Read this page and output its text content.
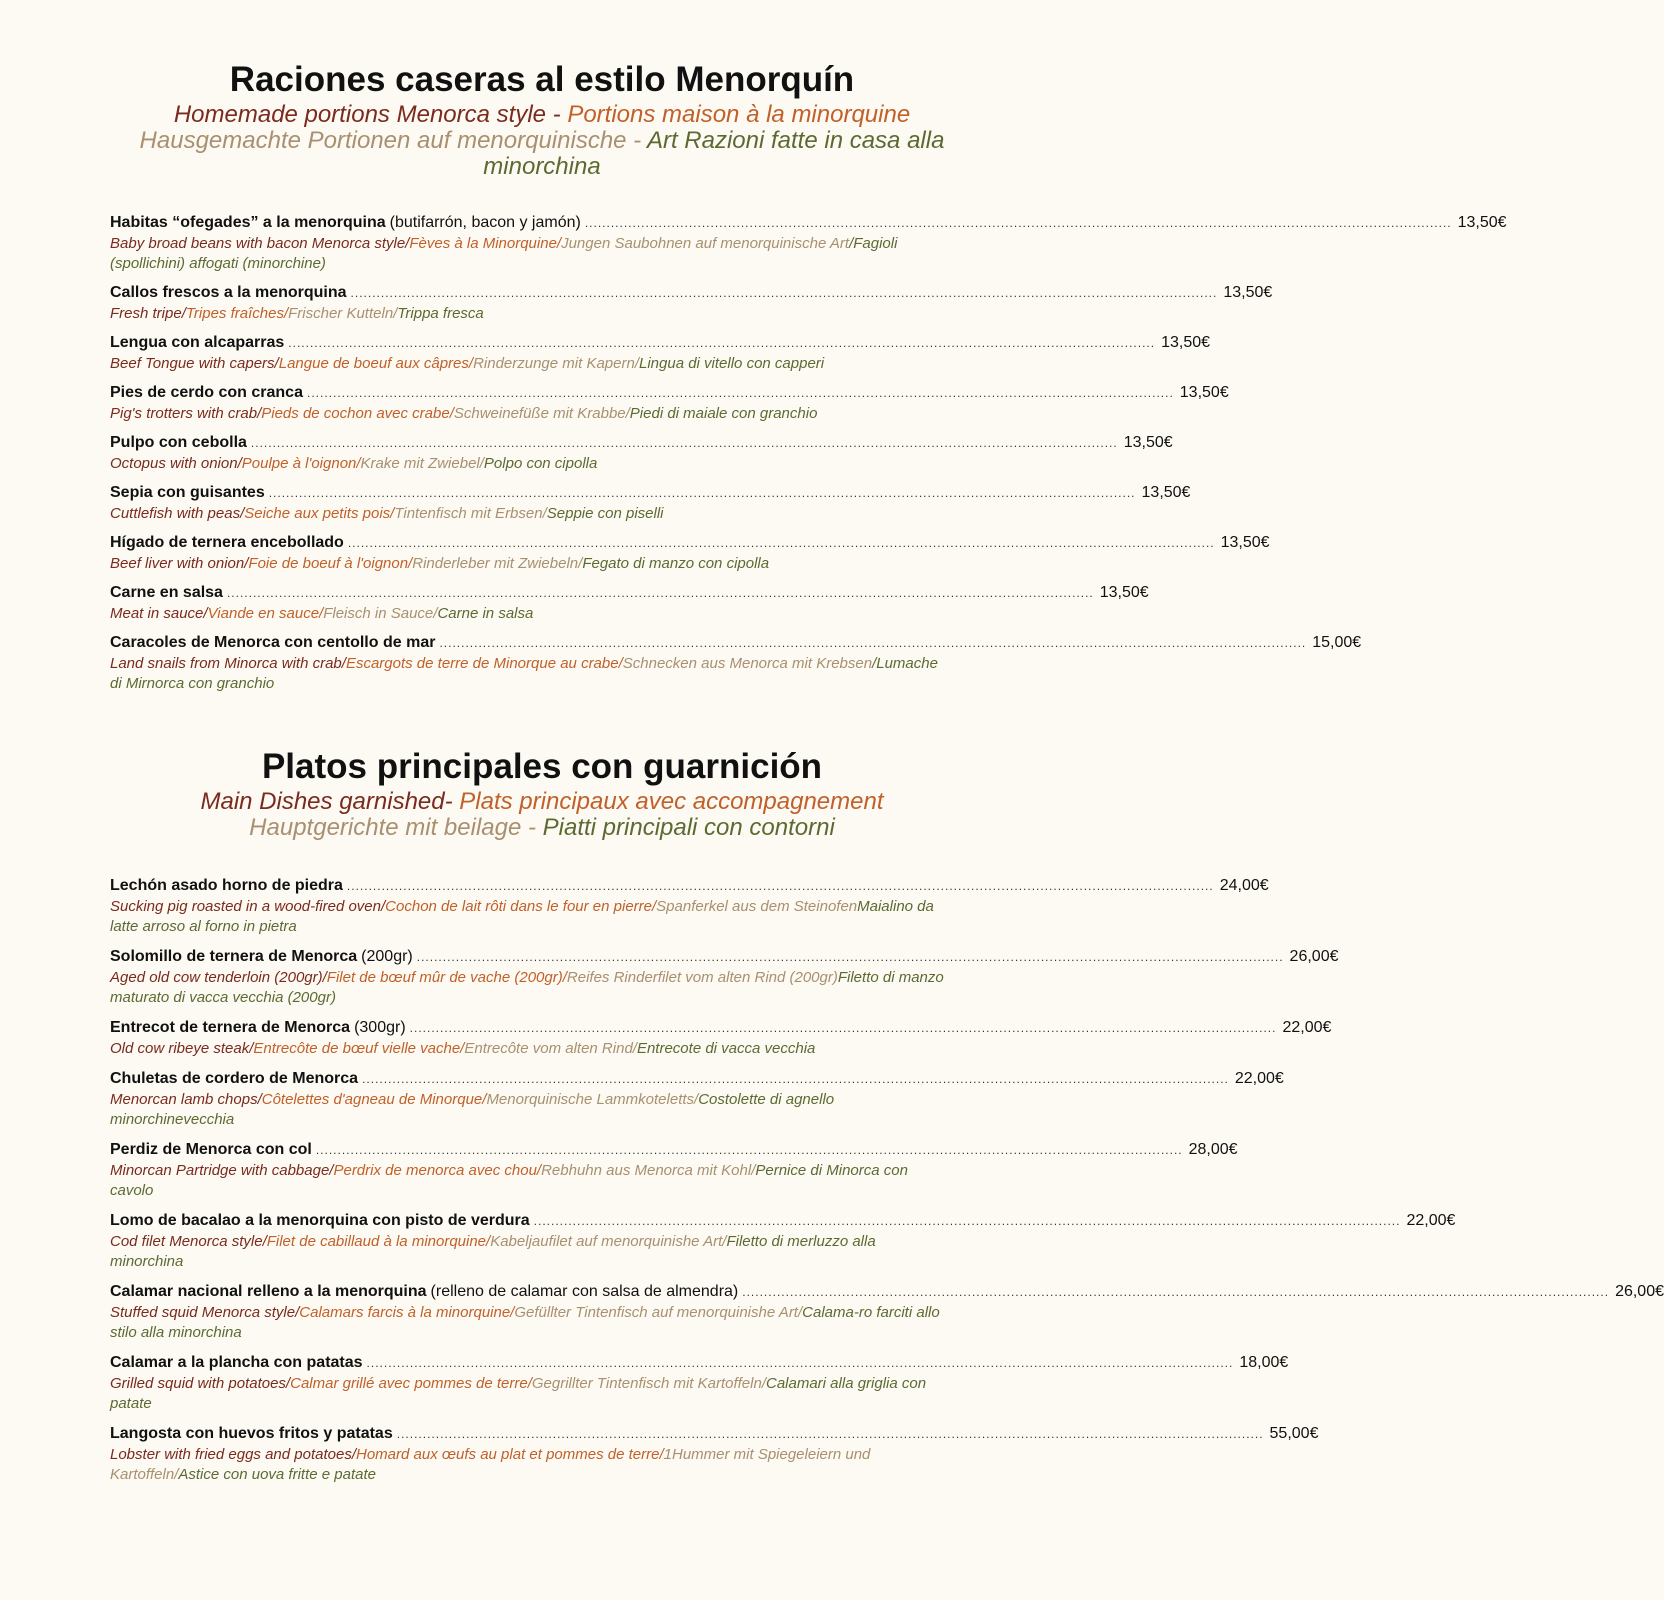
Raciones caseras al estilo Menorquín

Homemade portions Menorca style - Portions maison à la minorquine

Hausgemachte Portionen auf menorquinische - Art Razioni fatte in casa alla minorchina

Habitas “ofegades” a la menorquina (butifarrón, bacon y jamón) ........................................................................................................................................................................................................ 13,50€
Baby broad beans with bacon Menorca style/Fèves à la Minorquine/Jungen Saubohnen auf menorquinische Art/Fagioli (spollichini) affogati (minorchine)
Callos frescos a la menorquina ........................................................................................................................................................................................................ 13,50€
Fresh tripe/Tripes fraîches/Frischer Kutteln/Trippa fresca
Lengua con alcaparras ........................................................................................................................................................................................................ 13,50€
Beef Tongue with capers/Langue de boeuf aux câpres/Rinderzunge mit Kapern/Lingua di vitello con capperi
Pies de cerdo con cranca ........................................................................................................................................................................................................ 13,50€
Pig's trotters with crab/Pieds de cochon avec crabe/Schweinefüße mit Krabbe/Piedi di maiale con granchio
Pulpo con cebolla ........................................................................................................................................................................................................ 13,50€
Octopus with onion/Poulpe à l'oignon/Krake mit Zwiebel/Polpo con cipolla
Sepia con guisantes ........................................................................................................................................................................................................ 13,50€
Cuttlefish with peas/Seiche aux petits pois/Tintenfisch mit Erbsen/Seppie con piselli
Hígado de ternera encebollado ........................................................................................................................................................................................................ 13,50€
Beef liver with onion/Foie de boeuf à l'oignon/Rinderleber mit Zwiebeln/Fegato di manzo con cipolla
Carne en salsa ........................................................................................................................................................................................................ 13,50€
Meat in sauce/Viande en sauce/Fleisch in Sauce/Carne in salsa
Caracoles de Menorca con centollo de mar ........................................................................................................................................................................................................ 15,00€
Land snails from Minorca with crab/Escargots de terre de Minorque au crabe/Schnecken aus Menorca mit Krebsen/Lumache di Mirnorca con granchio
Platos principales con guarnición

Main Dishes garnished- Plats principaux avec accompagnement

Hauptgerichte mit beilage - Piatti principali con contorni

Lechón asado horno de piedra ........................................................................................................................................................................................................ 24,00€
Sucking pig roasted in a wood-fired oven/Cochon de lait rôti dans le four en pierre/Spanferkel aus dem SteinofenMaialino da latte arroso al forno in pietra
Solomillo de ternera de Menorca (200gr) ........................................................................................................................................................................................................ 26,00€
Aged old cow tenderloin (200gr)/Filet de bœuf mûr de vache (200gr)/Reifes Rinderfilet vom alten Rind (200gr)Filetto di manzo maturato di vacca vecchia (200gr)
Entrecot de ternera de Menorca (300gr) ........................................................................................................................................................................................................ 22,00€
Old cow ribeye steak/Entrecôte de bœuf vielle vache/Entrecôte vom alten Rind/Entrecote di vacca vecchia
Chuletas de cordero de Menorca ........................................................................................................................................................................................................ 22,00€
Menorcan lamb chops/Côtelettes d'agneau de Minorque/Menorquinische Lammkoteletts/Costolette di agnello minorchinevecchia
Perdiz de Menorca con col ........................................................................................................................................................................................................ 28,00€
Minorcan Partridge with cabbage/Perdrix de menorca avec chou/Rebhuhn aus Menorca mit Kohl/Pernice di Minorca con cavolo
Lomo de bacalao a la menorquina con pisto de verdura ........................................................................................................................................................................................................ 22,00€
Cod filet Menorca style/Filet de cabillaud à la minorquine/Kabeljaufilet auf menorquinishe Art/Filetto di merluzzo alla minorchina
Calamar nacional relleno a la menorquina (relleno de calamar con salsa de almendra) ........................................................................................................................................................................................................ 26,00€
Stuffed squid Menorca style/Calamars farcis à la minorquine/Gefüllter Tintenfisch auf menorquinishe Art/Calama-ro farciti allo stilo alla minorchina
Calamar a la plancha con patatas ........................................................................................................................................................................................................ 18,00€
Grilled squid with potatoes/Calmar grillé avec pommes de terre/Gegrillter Tintenfisch mit Kartoffeln/Calamari alla griglia con patate
Langosta con huevos fritos y patatas ........................................................................................................................................................................................................ 55,00€
Lobster with fried eggs and potatoes/Homard aux œufs au plat et pommes de terre/1Hummer mit Spiegeleiern und Kartoffeln/Astice con uova fritte e patate
